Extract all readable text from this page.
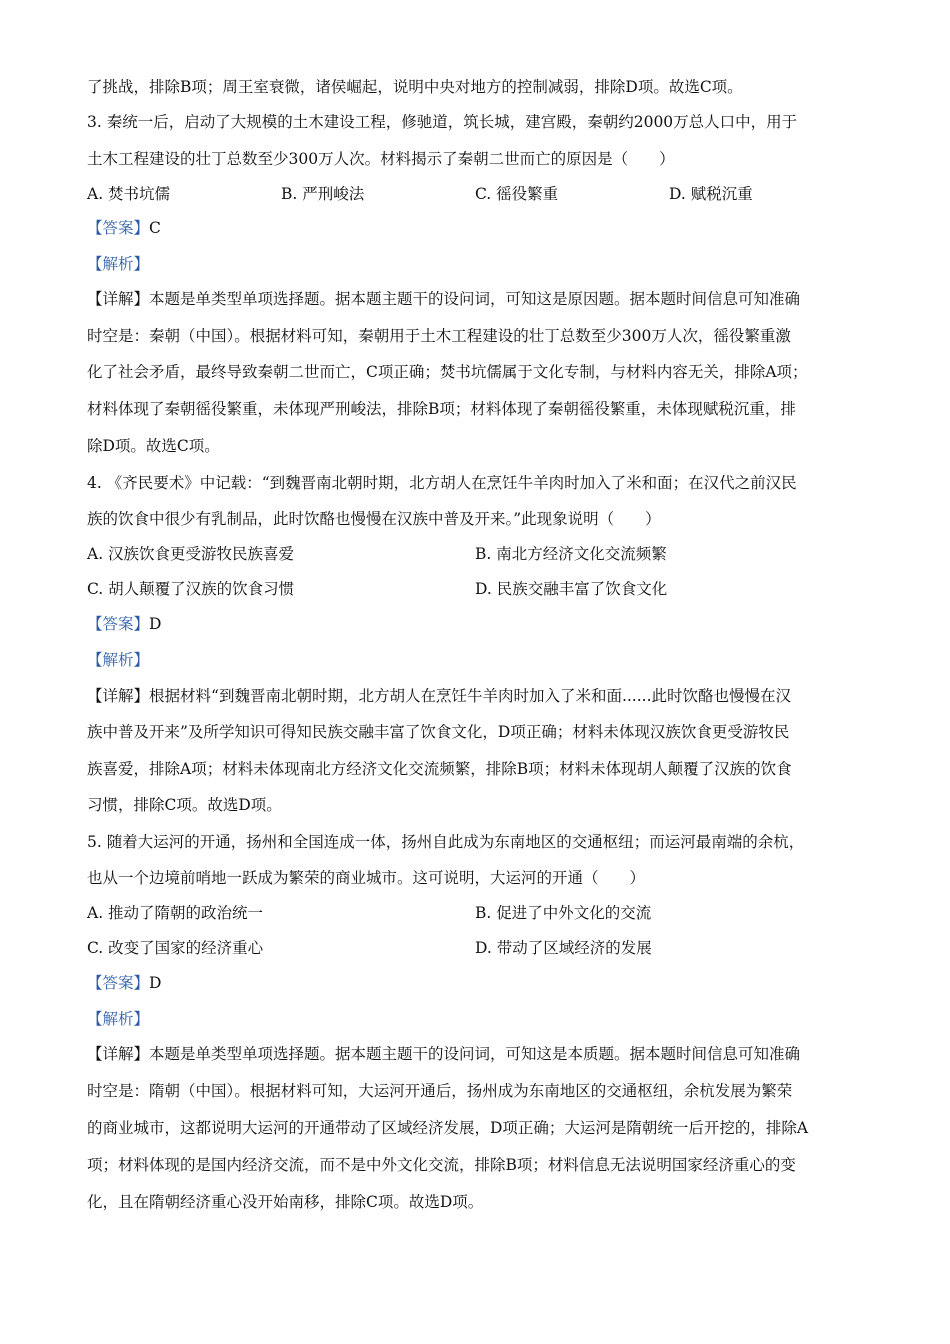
了挑战，排除B项；周王室衰微，诸侯崛起，说明中央对地方的控制减弱，排除D项。故选C项。
3. 秦统一后，启动了大规模的土木建设工程，修驰道，筑长城，建宫殿，秦朝约2000万总人口中，用于
土木工程建设的壮丁总数至少300万人次。材料揭示了秦朝二世而亡的原因是（　　）
A. 焚书坑儒	B. 严刑峻法	C. 徭役繁重	D. 赋税沉重
【答案】C
【解析】
【详解】本题是单类型单项选择题。据本题主题干的设问词，可知这是原因题。据本题时间信息可知准确
时空是：秦朝（中国）。根据材料可知，秦朝用于土木工程建设的壮丁总数至少300万人次，徭役繁重激
化了社会矛盾，最终导致秦朝二世而亡，C项正确；焚书坑儒属于文化专制，与材料内容无关，排除A项；
材料体现了秦朝徭役繁重，未体现严刑峻法，排除B项；材料体现了秦朝徭役繁重，未体现赋税沉重，排
除D项。故选C项。
4. 《齐民要术》中记载：“到魏晋南北朝时期，北方胡人在烹饪牛羊肉时加入了米和面；在汉代之前汉民
族的饮食中很少有乳制品，此时饮酪也慢慢在汉族中普及开来。”此现象说明（　　）
A. 汉族饮食更受游牧民族喜爱	B. 南北方经济文化交流频繁
C. 胡人颠覆了汉族的饮食习惯	D. 民族交融丰富了饮食文化
【答案】D
【解析】
【详解】根据材料“到魏晋南北朝时期，北方胡人在烹饪牛羊肉时加入了米和面......此时饮酪也慢慢在汉
族中普及开来”及所学知识可得知民族交融丰富了饮食文化，D项正确；材料未体现汉族饮食更受游牧民
族喜爱，排除A项；材料未体现南北方经济文化交流频繁，排除B项；材料未体现胡人颠覆了汉族的饮食
习惯，排除C项。故选D项。
5. 随着大运河的开通，扬州和全国连成一体，扬州自此成为东南地区的交通枢纽；而运河最南端的余杭，
也从一个边境前哨地一跃成为繁荣的商业城市。这可说明，大运河的开通（　　）
A. 推动了隋朝的政治统一	B. 促进了中外文化的交流
C. 改变了国家的经济重心	D. 带动了区域经济的发展
【答案】D
【解析】
【详解】本题是单类型单项选择题。据本题主题干的设问词，可知这是本质题。据本题时间信息可知准确
时空是：隋朝（中国）。根据材料可知，大运河开通后，扬州成为东南地区的交通枢纽，余杭发展为繁荣
的商业城市，这都说明大运河的开通带动了区域经济发展，D项正确；大运河是隋朝统一后开挖的，排除A
项；材料体现的是国内经济交流，而不是中外文化交流，排除B项；材料信息无法说明国家经济重心的变
化，且在隋朝经济重心没开始南移，排除C项。故选D项。
